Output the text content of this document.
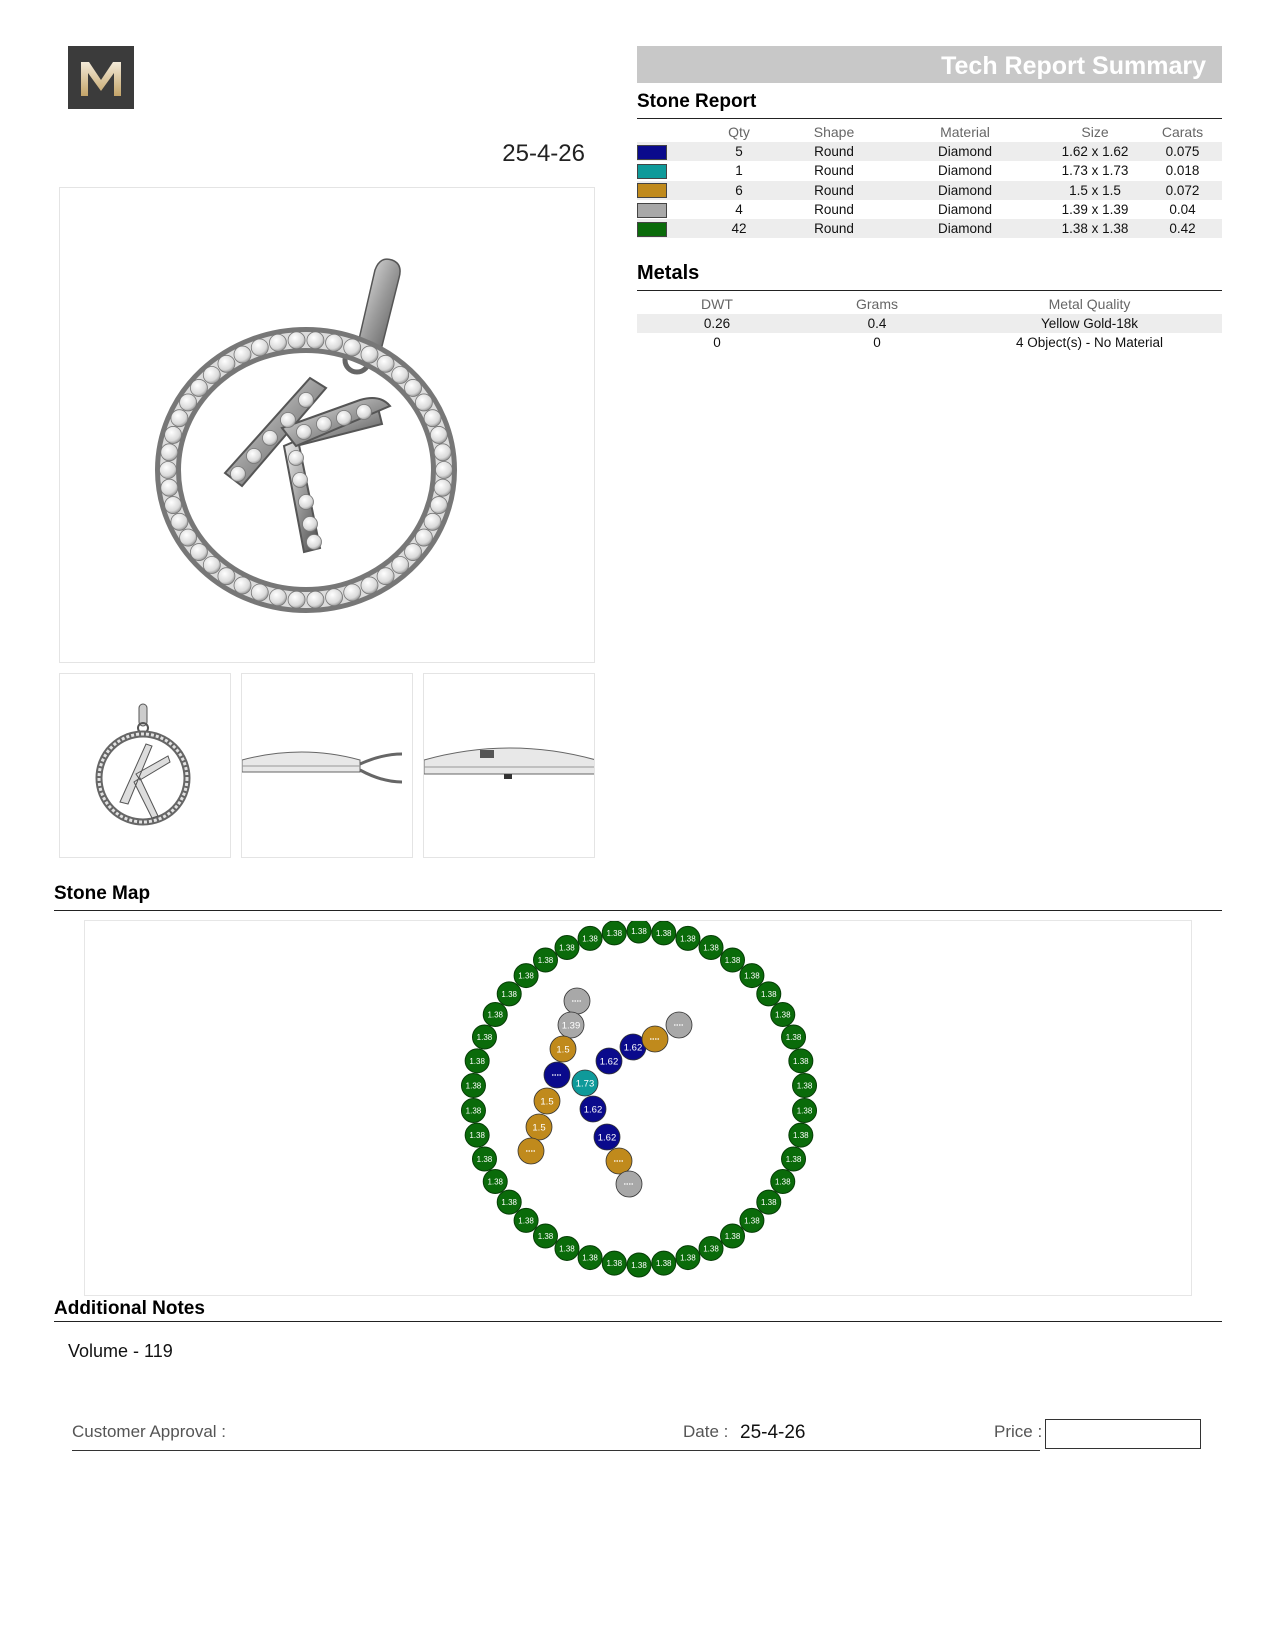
25-4-26
Tech Report Summary
Stone Report
	Qty	Shape	Material	Size	Carats
	5	Round	Diamond	1.62 x 1.62	0.075
	1	Round	Diamond	1.73 x 1.73	0.018
	6	Round	Diamond	1.5 x 1.5	0.072
	4	Round	Diamond	1.39 x 1.39	0.04
	42	Round	Diamond	1.38 x 1.38	0.42
Metals
DWT	Grams	Metal Quality
0.26	0.4	Yellow Gold-18k
0	0	4 Object(s) - No Material
Stone Map
1.38 1.38
1.38
1.38
1.38
1.38
1.38
1.38
1.38
1.38
1.38
1.38
1.38
1.38
1.38
1.38
1.38
1.38
1.38
1.38
1.38
1.38
1.38
1.38
1.38
1.38
1.38
1.38
1.38
1.38
1.38
1.38
1.38
1.38
1.38
1.38
1.38
1.38
1.38
1.38
1.38
1.38
1.39
1.5
1.5
1.5
1.73
1.62
1.62
1.62
1.62
Additional Notes
Volume - 119
Customer Approval :	Date : 25-4-26	Price :
